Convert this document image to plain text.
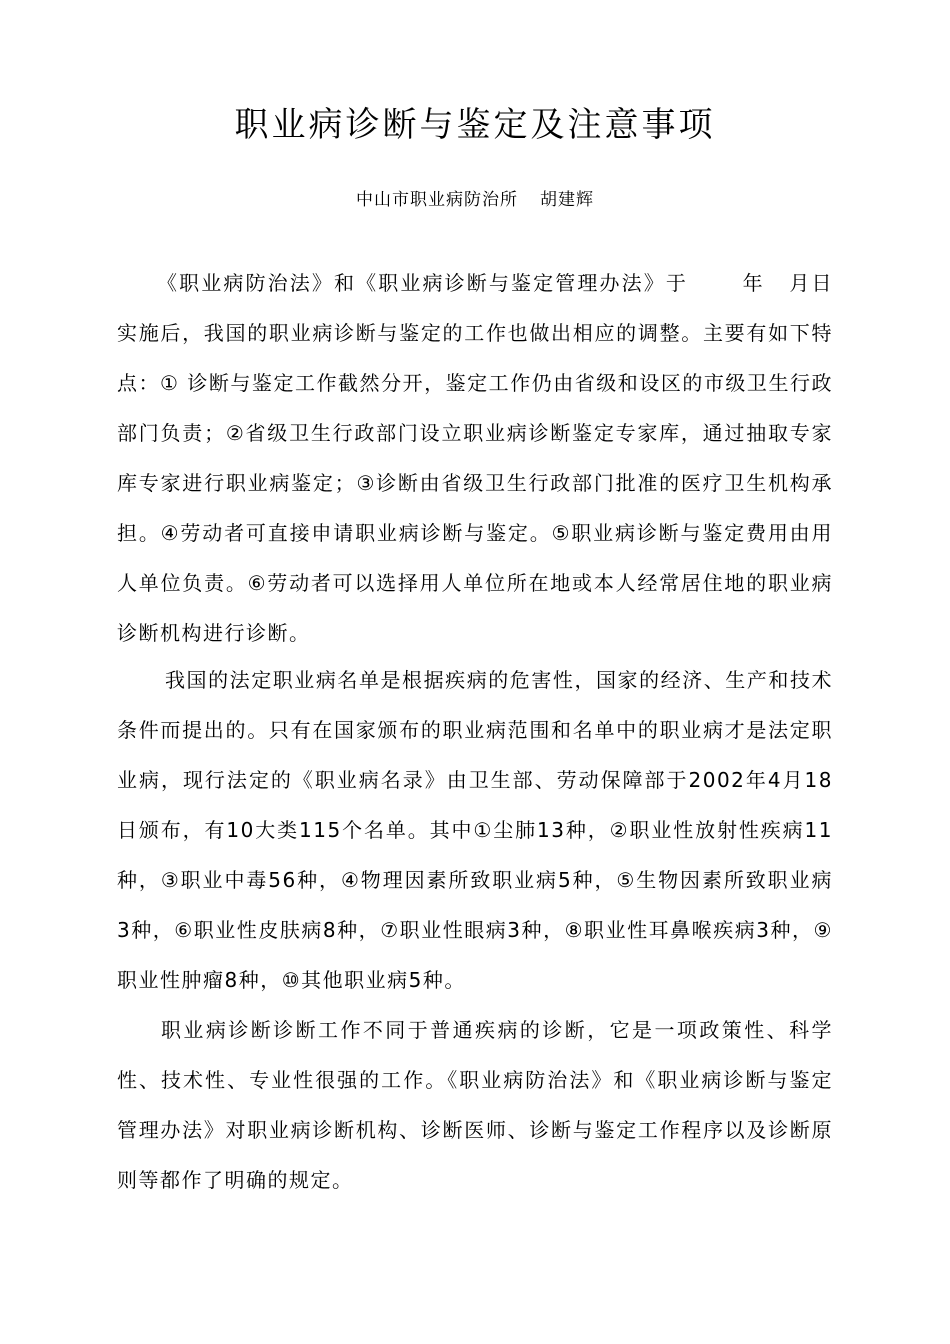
职业病诊断与鉴定及注意事项
中山市职业病防治所 胡建辉
《职业病防治法》和《职业病诊断与鉴定管理办法》于	年 月日实施后，我国的职业病诊断与鉴定的工作也做出相应的调整。主要有如下特点：① 诊断与鉴定工作截然分开，鉴定工作仍由省级和设区的市级卫生行政部门负责；②省级卫生行政部门设立职业病诊断鉴定专家库，通过抽取专家库专家进行职业病鉴定；③诊断由省级卫生行政部门批准的医疗卫生机构承担。④劳动者可直接申请职业病诊断与鉴定。⑤职业病诊断与鉴定费用由用人单位负责。⑥劳动者可以选择用人单位所在地或本人经常居住地的职业病诊断机构进行诊断。
我国的法定职业病名单是根据疾病的危害性，国家的经济、生产和技术条件而提出的。只有在国家颁布的职业病范围和名单中的职业病才是法定职业病，现行法定的《职业病名录》由卫生部、劳动保障部于2002年4月18日颁布，有10大类115个名单。其中①尘肺13种，②职业性放射性疾病11种，③职业中毒56种，④物理因素所致职业病5种，⑤生物因素所致职业病3种，⑥职业性皮肤病8种，⑦职业性眼病3种，⑧职业性耳鼻喉疾病3种，⑨职业性肿瘤8种，⑩其他职业病5种。
职业病诊断诊断工作不同于普通疾病的诊断，它是一项政策性、科学性、技术性、专业性很强的工作。《职业病防治法》和《职业病诊断与鉴定管理办法》对职业病诊断机构、诊断医师、诊断与鉴定工作程序以及诊断原则等都作了明确的规定。
